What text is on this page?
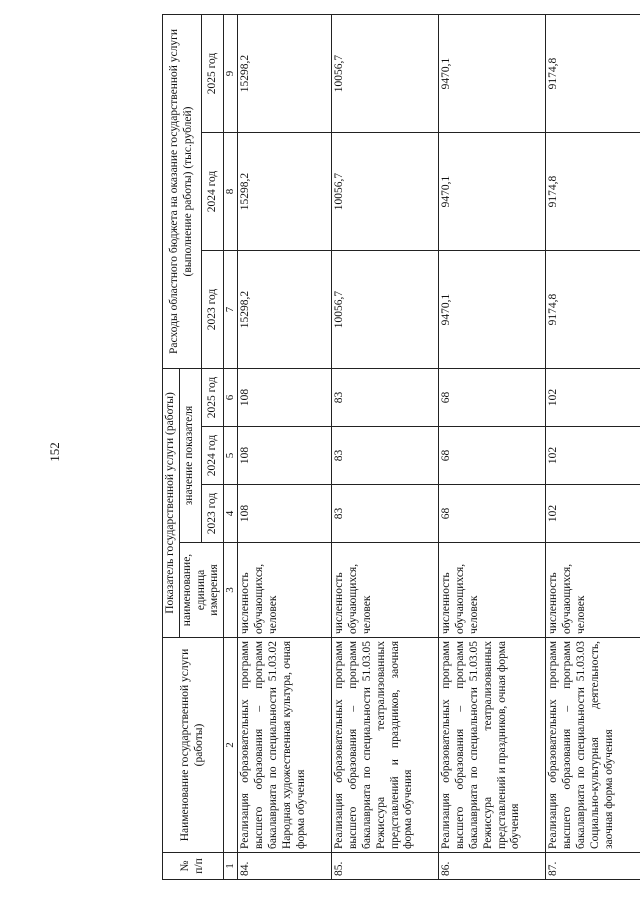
152
№ п/п	Наименование государственной услуги (работы)	Показатель государственной услуги (работы)				Расходы областного бюджета на оказание государственной услуги (выполнение работы) (тыс.рублей)		
		наименование, единица измерения	значение показателя					
			2023 год	2024 год	2025 год	2023 год	2024 год	2025 год
1	2	3	4	5	6	7	8	9
84.	Реализация образовательных программ высшего образования – программ бакалавриата по специальности 51.03.02 Народная художественная культура, очная форма обучения	численность обучающихся, человек	108	108	108	15298,2	15298,2	15298,2
85.	Реализация образовательных программ высшего образования – программ бакалавриата по специальности 51.03.05 Режиссура театрализованных представлений и праздников, заочная форма обучения	численность обучающихся, человек	83	83	83	10056,7	10056,7	10056,7
86.	Реализация образовательных программ высшего образования – программ бакалавриата по специальности 51.03.05 Режиссура театрализованных представлений и праздников, очная форма обучения	численность обучающихся, человек	68	68	68	9470,1	9470,1	9470,1
87.	Реализация образовательных программ высшего образования – программ бакалавриата по специальности 51.03.03 Социально-культурная деятельность, заочная форма обучения	численность обучающихся, человек	102	102	102	9174,8	9174,8	9174,8
